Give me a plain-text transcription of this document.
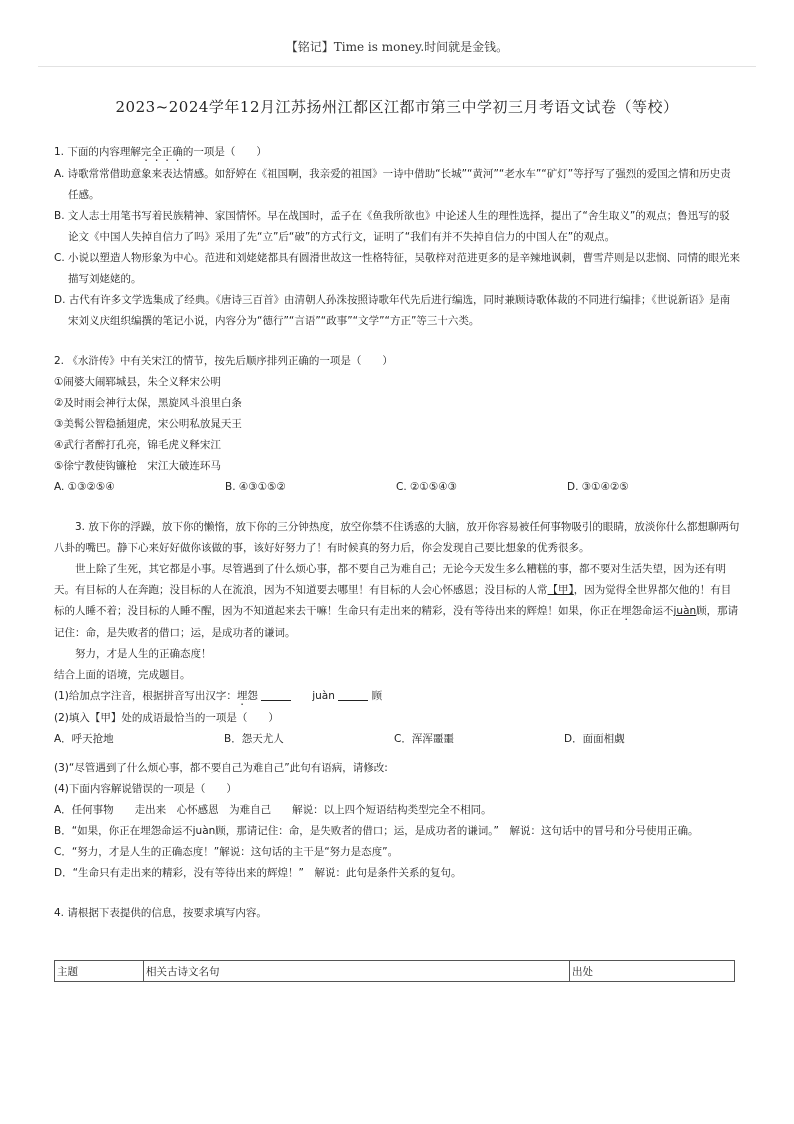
【铭记】Time is money.时间就是金钱。
2023~2024学年12月江苏扬州江都区江都市第三中学初三月考语文试卷（等校）

1. 下面的内容理解完全正确的一项是（　　）

A. 诗歌常常借助意象来表达情感。如舒婷在《祖国啊，我亲爱的祖国》一诗中借助“长城”“黄河”“老水车”“矿灯”等抒写了强烈的爱国之情和历史责任感。

B. 文人志士用笔书写着民族精神、家国情怀。早在战国时，孟子在《鱼我所欲也》中论述人生的理性选择，提出了“舍生取义”的观点；鲁迅写的驳论文《中国人失掉自信力了吗》采用了先“立”后“破”的方式行文，证明了“我们有并不失掉自信力的中国人在”的观点。

C. 小说以塑造人物形象为中心。范进和刘姥姥都具有圆滑世故这一性格特征，吴敬梓对范进更多的是辛辣地讽刺，曹雪芹则是以悲悯、同情的眼光来描写刘姥姥的。

D. 古代有许多文学选集成了经典。《唐诗三百首》由清朝人孙洙按照诗歌年代先后进行编选，同时兼顾诗歌体裁的不同进行编排；《世说新语》是南宋刘义庆组织编撰的笔记小说，内容分为“德行”“言语”“政事”“文学”“方正”等三十六类。

2. 《水浒传》中有关宋江的情节，按先后顺序排列正确的一项是（　　）

①闹婆大闹郓城县，朱仝义释宋公明

②及时雨会神行太保，黑旋风斗浪里白条

③美髯公智稳插翅虎，宋公明私放晁天王

④武行者醉打孔亮，锦毛虎义释宋江

⑤徐宁教使钩镰枪　宋江大破连环马

A. ①③②⑤④	B. ④③①⑤②	C. ②①⑤④③	D. ③①④②⑤

3. 放下你的浮躁，放下你的懒惰，放下你的三分钟热度，放空你禁不住诱惑的大脑，放开你容易被任何事物吸引的眼睛，放淡你什么都想聊两句八卦的嘴巴。静下心来好好做你该做的事，该好好努力了！有时候真的努力后，你会发现自己要比想象的优秀很多。

世上除了生死，其它都是小事。尽管遇到了什么烦心事，都不要自己为难自己；无论今天发生多么糟糕的事，都不要对生活失望，因为还有明天。有目标的人在奔跑；没目标的人在流浪，因为不知道要去哪里！有目标的人会心怀感恩；没目标的人常【甲】，因为觉得全世界都欠他的！有目标的人睡不着；没目标的人睡不醒，因为不知道起来去干嘛！生命只有走出来的精彩，没有等待出来的辉煌！如果，你正在埋怨命运不juàn顾，那请记住：命，是失败者的借口；运，是成功者的谦词。

努力，才是人生的正确态度！

结合上面的语境，完成题目。

(1)给加点字注音，根据拼音写出汉字：埋怨 　　	juàn	顾

(2)填入【甲】处的成语最恰当的一项是（　　）

A．呼天抢地	B．怨天尤人	C．浑浑噩噩	D．面面相觑

(3)“尽管遇到了什么烦心事，都不要自己为难自己”此句有语病，请修改:

(4)下面内容解说错误的一项是（　　）

A．任何事物　　走出来　心怀感恩　为难自己　　解说：以上四个短语结构类型完全不相同。

B．“如果，你正在埋怨命运不juàn顾，那请记住：命，是失败者的借口；运，是成功者的谦词。”　解说：这句话中的冒号和分号使用正确。

C．“努力，才是人生的正确态度！”解说：这句话的主干是“努力是态度”。

D．“生命只有走出来的精彩，没有等待出来的辉煌！”　解说：此句是条件关系的复句。

4. 请根据下表提供的信息，按要求填写内容。

主题	相关古诗文名句	出处
